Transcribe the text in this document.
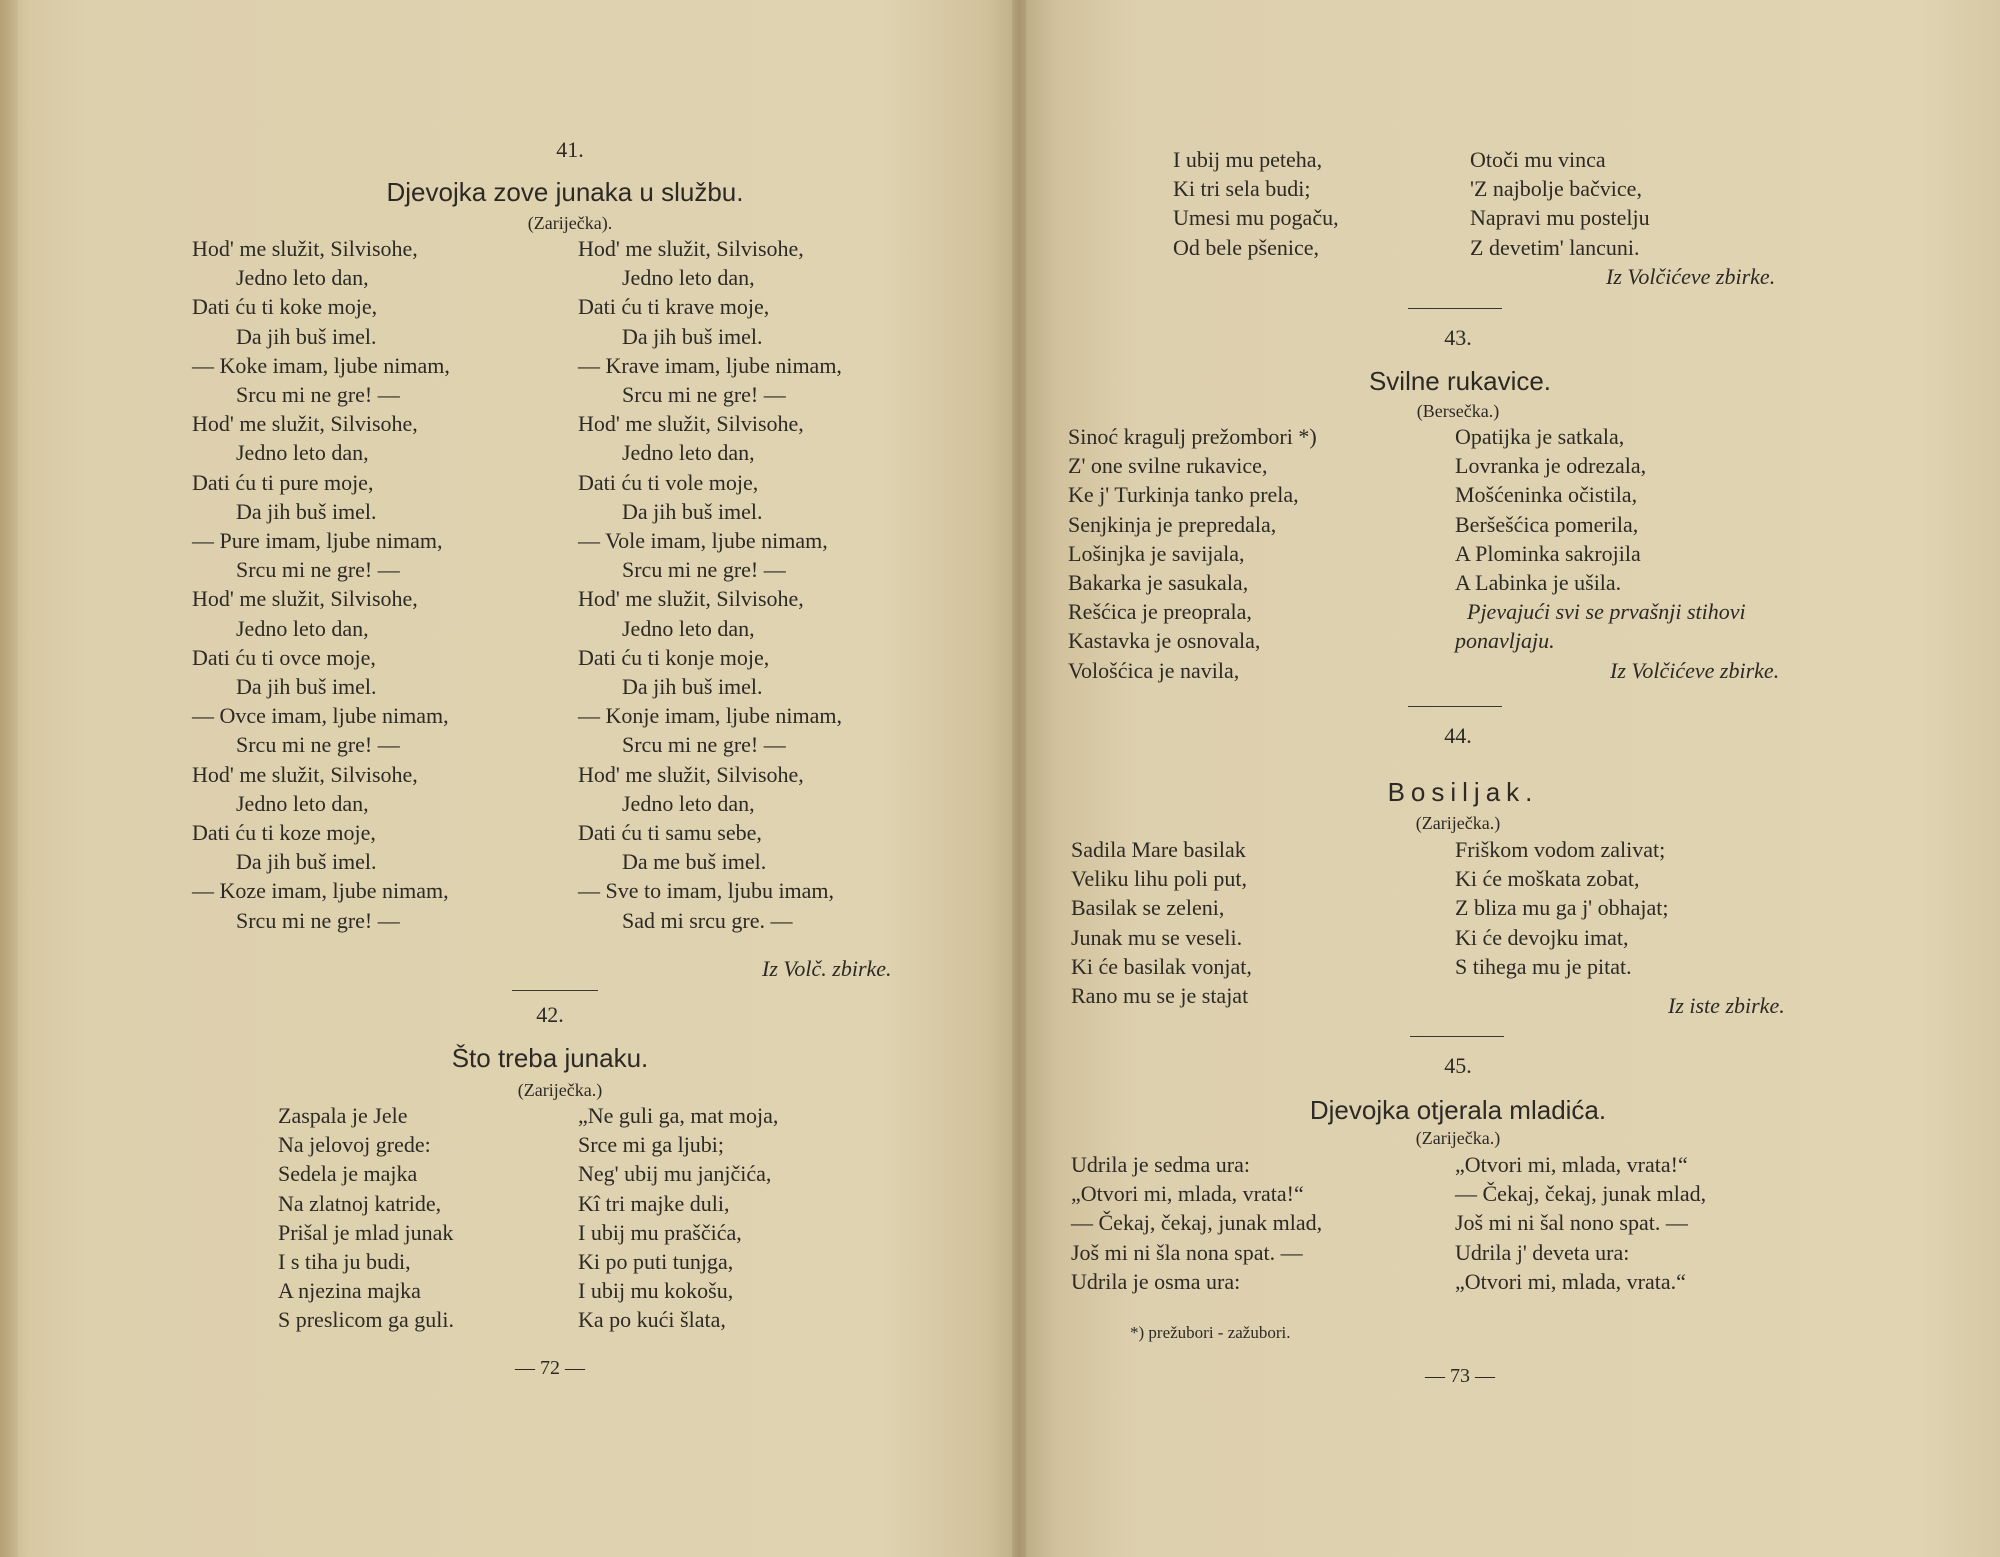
41.
Djevojka zove junaka u službu.
(Zariječka).
Hod' me služit, Silvisohe,
Jedno leto dan,
Dati ću ti koke moje,
Da jih buš imel.
— Koke imam, ljube nimam,
Srcu mi ne gre! —
Hod' me služit, Silvisohe,
Jedno leto dan,
Dati ću ti pure moje,
Da jih buš imel.
— Pure imam, ljube nimam,
Srcu mi ne gre! —
Hod' me služit, Silvisohe,
Jedno leto dan,
Dati ću ti ovce moje,
Da jih buš imel.
— Ovce imam, ljube nimam,
Srcu mi ne gre! —
Hod' me služit, Silvisohe,
Jedno leto dan,
Dati ću ti koze moje,
Da jih buš imel.
— Koze imam, ljube nimam,
Srcu mi ne gre! —
Hod' me služit, Silvisohe,
Jedno leto dan,
Dati ću ti krave moje,
Da jih buš imel.
— Krave imam, ljube nimam,
Srcu mi ne gre! —
Hod' me služit, Silvisohe,
Jedno leto dan,
Dati ću ti vole moje,
Da jih buš imel.
— Vole imam, ljube nimam,
Srcu mi ne gre! —
Hod' me služit, Silvisohe,
Jedno leto dan,
Dati ću ti konje moje,
Da jih buš imel.
— Konje imam, ljube nimam,
Srcu mi ne gre! —
Hod' me služit, Silvisohe,
Jedno leto dan,
Dati ću ti samu sebe,
Da me buš imel.
— Sve to imam, ljubu imam,
Sad mi srcu gre. —
Iz Volč. zbirke.
42.
Što treba junaku.
(Zariječka.)
Zaspala je Jele
Na jelovoj grede:
Sedela je majka
Na zlatnoj katride,
Prišal je mlad junak
I s tiha ju budi,
A njezina majka
S preslicom ga guli.
„Ne guli ga, mat moja,
Srce mi ga ljubi;
Neg' ubij mu janjčića,
Kî tri majke duli,
I ubij mu praščića,
Ki po puti tunjga,
I ubij mu kokošu,
Ka po kući šlata,
— 72 —
I ubij mu peteha,
Ki tri sela budi;
Umesi mu pogaču,
Od bele pšenice,
Otoči mu vinca
'Z najbolje bačvice,
Napravi mu postelju
Z devetim' lancuni.
Iz Volčićeve zbirke.
43.
Svilne rukavice.
(Bersečka.)
Sinoć kragulj prežombori *)
Z' one svilne rukavice,
Ke j' Turkinja tanko prela,
Senjkinja je prepredala,
Lošinjka je savijala,
Bakarka je sasukala,
Rešćica je preoprala,
Kastavka je osnovala,
Vološćica je navila,
Opatijka je satkala,
Lovranka je odrezala,
Mošćeninka očistila,
Beršešćica pomerila,
A Plominka sakrojila
A Labinka je ušila.
Pjevajući svi se prvašnji stihovi
ponavljaju.
Iz Volčićeve zbirke.
44.
Bosiljak.
(Zariječka.)
Sadila Mare basilak
Veliku lihu poli put,
Basilak se zeleni,
Junak mu se veseli.
Ki će basilak vonjat,
Rano mu se je stajat
Friškom vodom zalivat;
Ki će moškata zobat,
Z bliza mu ga j' obhajat;
Ki će devojku imat,
S tihega mu je pitat.
Iz iste zbirke.
45.
Djevojka otjerala mladića.
(Zariječka.)
Udrila je sedma ura:
„Otvori mi, mlada, vrata!“
— Čekaj, čekaj, junak mlad,
Još mi ni šla nona spat. —
Udrila je osma ura:
„Otvori mi, mlada, vrata!“
— Čekaj, čekaj, junak mlad,
Još mi ni šal nono spat. —
Udrila j' deveta ura:
„Otvori mi, mlada, vrata.“
*) prežubori - zažubori.
— 73 —
